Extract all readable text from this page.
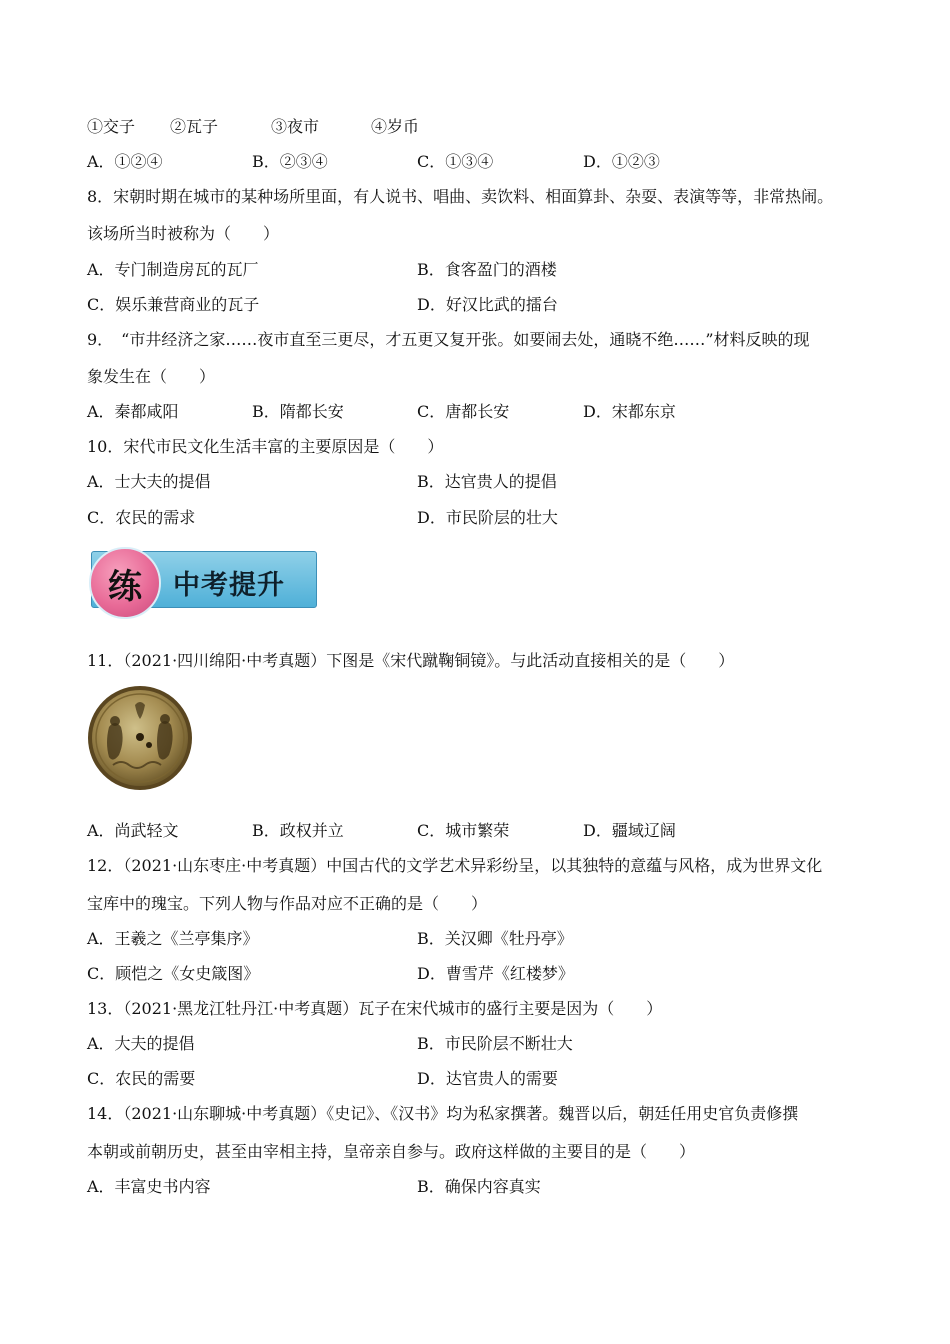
①交子 ②瓦子	③夜市	④岁币
A．①②④	B．②③④	C．①③④	D．①②③
8．宋朝时期在城市的某种场所里面，有人说书、唱曲、卖饮料、相面算卦、杂耍、表演等等，非常热闹。
该场所当时被称为（　　）
A．专门制造房瓦的瓦厂	B．食客盈门的酒楼
C．娱乐兼营商业的瓦子	D．好汉比武的擂台
9．　“市井经济之家……夜市直至三更尽，才五更又复开张。如要闹去处，通晓不绝……”材料反映的现
象发生在（　　）
A．秦都咸阳	B．隋都长安	C．唐都长安	D．宋都东京
10．宋代市民文化生活丰富的主要原因是（　　）
A．士大夫的提倡	B．达官贵人的提倡
C．农民的需求	D．市民阶层的壮大
练 中考提升
11．（2021·四川绵阳·中考真题）下图是《宋代蹴鞠铜镜》。与此活动直接相关的是（　　）
A．尚武轻文	B．政权并立	C．城市繁荣	D．疆域辽阔
12．（2021·山东枣庄·中考真题）中国古代的文学艺术异彩纷呈，以其独特的意蕴与风格，成为世界文化
宝库中的瑰宝。下列人物与作品对应不正确的是（　　）
A．王羲之《兰亭集序》	B．关汉卿《牡丹亭》
C．顾恺之《女史箴图》	D．曹雪芹《红楼梦》
13．（2021·黑龙江牡丹江·中考真题）瓦子在宋代城市的盛行主要是因为（　　）
A．大夫的提倡	B．市民阶层不断壮大
C．农民的需要	D．达官贵人的需要
14．（2021·山东聊城·中考真题）《史记》、《汉书》均为私家撰著。魏晋以后，朝廷任用史官负责修撰
本朝或前朝历史，甚至由宰相主持，皇帝亲自参与。政府这样做的主要目的是（　　）
A．丰富史书内容	B．确保内容真实
